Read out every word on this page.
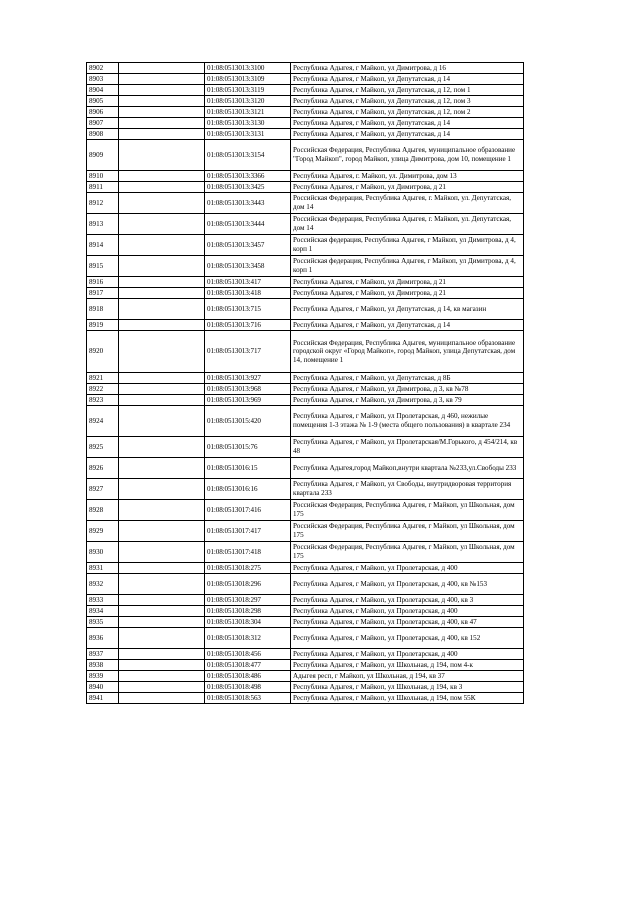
8902		01:08:0513013:3100	Республика Адыгея, г Майкоп, ул Димитрова, д 16
8903		01:08:0513013:3109	Республика Адыгея, г Майкоп, ул Депутатская, д 14
8904		01:08:0513013:3119	Республика Адыгея, г Майкоп, ул Депутатская, д 12, пом 1
8905		01:08:0513013:3120	Республика Адыгея, г Майкоп, ул Депутатская, д 12, пом 3
8906		01:08:0513013:3121	Республика Адыгея, г Майкоп, ул Депутатская, д 12, пом 2
8907		01:08:0513013:3130	Республика Адыгея, г Майкоп, ул Депутатская, д 14
8908		01:08:0513013:3131	Республика Адыгея, г Майкоп, ул Депутатская, д 14
8909		01:08:0513013:3154	Российская Федерация, Республика Адыгея, муниципальное образование "Город Майкоп", город Майкоп, улица Димитрова, дом 10, помещение 1
8910		01:08:0513013:3366	Республика Адыгея, г. Майкоп, ул. Димитрова, дом 13
8911		01:08:0513013:3425	Республика Адыгея, г Майкоп, ул Димитрова, д 21
8912		01:08:0513013:3443	Российская Федерация, Республика Адыгея, г. Майкоп, ул. Депутатская, дом 14
8913		01:08:0513013:3444	Российская Федерация, Республика Адыгея, г. Майкоп, ул. Депутатская, дом 14
8914		01:08:0513013:3457	Российская федерация, Республика Адыгея, г Майкоп, ул Димитрова, д 4, корп 1
8915		01:08:0513013:3458	Российская федерация, Республика Адыгея, г Майкоп, ул Димитрова, д 4, корп 1
8916		01:08:0513013:417	Республика Адыгея, г Майкоп, ул Димитрова, д 21
8917		01:08:0513013:418	Республика Адыгея, г Майкоп, ул Димитрова, д 21
8918		01:08:0513013:715	Республика Адыгея, г Майкоп, ул Депутатская, д 14, кв магазин
8919		01:08:0513013:716	Республика Адыгея, г Майкоп, ул Депутатская, д 14
8920		01:08:0513013:717	Российская Федерация, Республика Адыгея, муниципальное образование городской округ «Город Майкоп», город Майкоп, улица Депутатская, дом 14, помещение 1
8921		01:08:0513013:927	Республика Адыгея, г Майкоп, ул Депутатская, д 8Б
8922		01:08:0513013:968	Республика Адыгея, г Майкоп, ул Димитрова, д 3, кв №78
8923		01:08:0513013:969	Республика Адыгея, г Майкоп, ул Димитрова, д 3, кв 79
8924		01:08:0513015:420	Республика Адыгея, г Майкоп, ул Пролетарская, д 460, нежилые помещения 1-3 этажа № 1-9 (места общего пользования) в квартале 234
8925		01:08:0513015:76	Республика Адыгея, г Майкоп, ул Пролетарская/М.Горького, д 454/214, кв 48
8926		01:08:0513016:15	Республика Адыгея,город Майкоп,внутри квартала №233,ул.Свободы 233
8927		01:08:0513016:16	Республика Адыгея, г Майкоп, ул Свободы, внутридворовая территория квартала 233
8928		01:08:0513017:416	Российская Федерация, Республика Адыгея, г Майкоп, ул Школьная, дом 175
8929		01:08:0513017:417	Российская Федерация, Республика Адыгея, г Майкоп, ул Школьная, дом 175
8930		01:08:0513017:418	Российская Федерация, Республика Адыгея, г Майкоп, ул Школьная, дом 175
8931		01:08:0513018:275	Республика Адыгея, г Майкоп, ул Пролетарская, д 400
8932		01:08:0513018:296	Республика Адыгея, г Майкоп, ул Пролетарская, д 400, кв №153
8933		01:08:0513018:297	Республика Адыгея, г Майкоп, ул Пролетарская, д 400, кв 3
8934		01:08:0513018:298	Республика Адыгея, г Майкоп, ул Пролетарская, д 400
8935		01:08:0513018:304	Республика Адыгея, г Майкоп, ул Пролетарская, д 400, кв 47
8936		01:08:0513018:312	Республика Адыгея, г Майкоп, ул Пролетарская, д 400, кв 152
8937		01:08:0513018:456	Республика Адыгея, г Майкоп, ул Пролетарская, д 400
8938		01:08:0513018:477	Республика Адыгея, г Майкоп, ул Школьная, д 194, пом 4-к
8939		01:08:0513018:486	Адыгея респ, г Майкоп, ул Школьная, д 194, кв 37
8940		01:08:0513018:498	Республика Адыгея, г Майкоп, ул Школьная, д 194, кв 3
8941		01:08:0513018:563	Республика Адыгея, г Майкоп, ул Школьная, д 194, пом 55К
